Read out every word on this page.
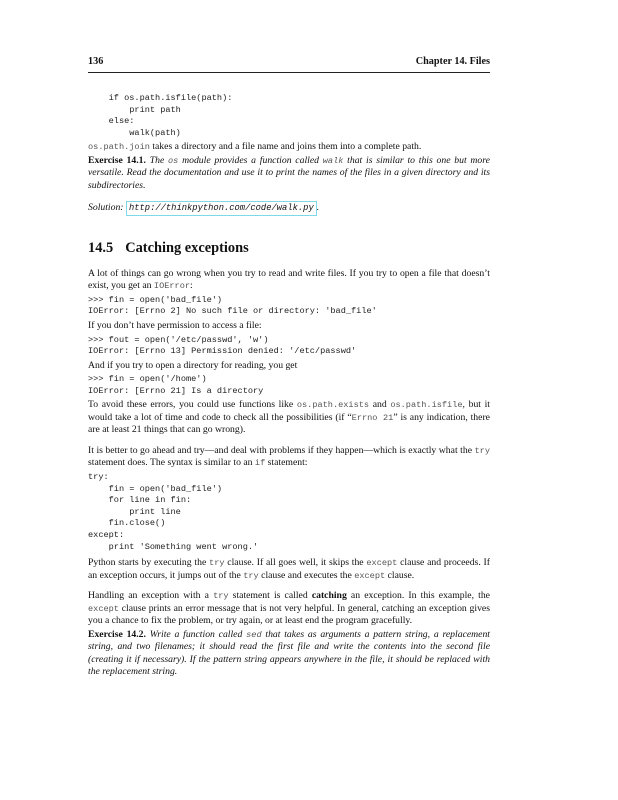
136	Chapter 14. Files
if os.path.isfile(path):
print path
else:
walk(path)

os.path.join takes a directory and a file name and joins them into a complete path.

Exercise 14.1. The os module provides a function called walk that is similar to this one but more versatile. Read the documentation and use it to print the names of the files in a given directory and its subdirectories.

Solution: http://thinkpython.com/code/walk.py .

14.5 Catching exceptions

A lot of things can go wrong when you try to read and write files. If you try to open a file that doesn’t exist, you get an IOError:

>>> fin = open('bad_file')
IOError: [Errno 2] No such file or directory: 'bad_file'

If you don’t have permission to access a file:

>>> fout = open('/etc/passwd', 'w')
IOError: [Errno 13] Permission denied: '/etc/passwd'

And if you try to open a directory for reading, you get

>>> fin = open('/home')
IOError: [Errno 21] Is a directory

To avoid these errors, you could use functions like os.path.exists and os.path.isfile, but it would take a lot of time and code to check all the possibilities (if “Errno 21” is any indication, there are at least 21 things that can go wrong).

It is better to go ahead and try—and deal with problems if they happen—which is exactly what the try statement does. The syntax is similar to an if statement:

try:
fin = open('bad_file')
for line in fin:
print line
fin.close()
except:
print 'Something went wrong.'

Python starts by executing the try clause. If all goes well, it skips the except clause and proceeds. If an exception occurs, it jumps out of the try clause and executes the except clause.

Handling an exception with a try statement is called catching an exception. In this example, the except clause prints an error message that is not very helpful. In general, catching an exception gives you a chance to fix the problem, or try again, or at least end the program gracefully.

Exercise 14.2. Write a function called sed that takes as arguments a pattern string, a replacement string, and two filenames; it should read the first file and write the contents into the second file (creating it if necessary). If the pattern string appears anywhere in the file, it should be replaced with the replacement string.
